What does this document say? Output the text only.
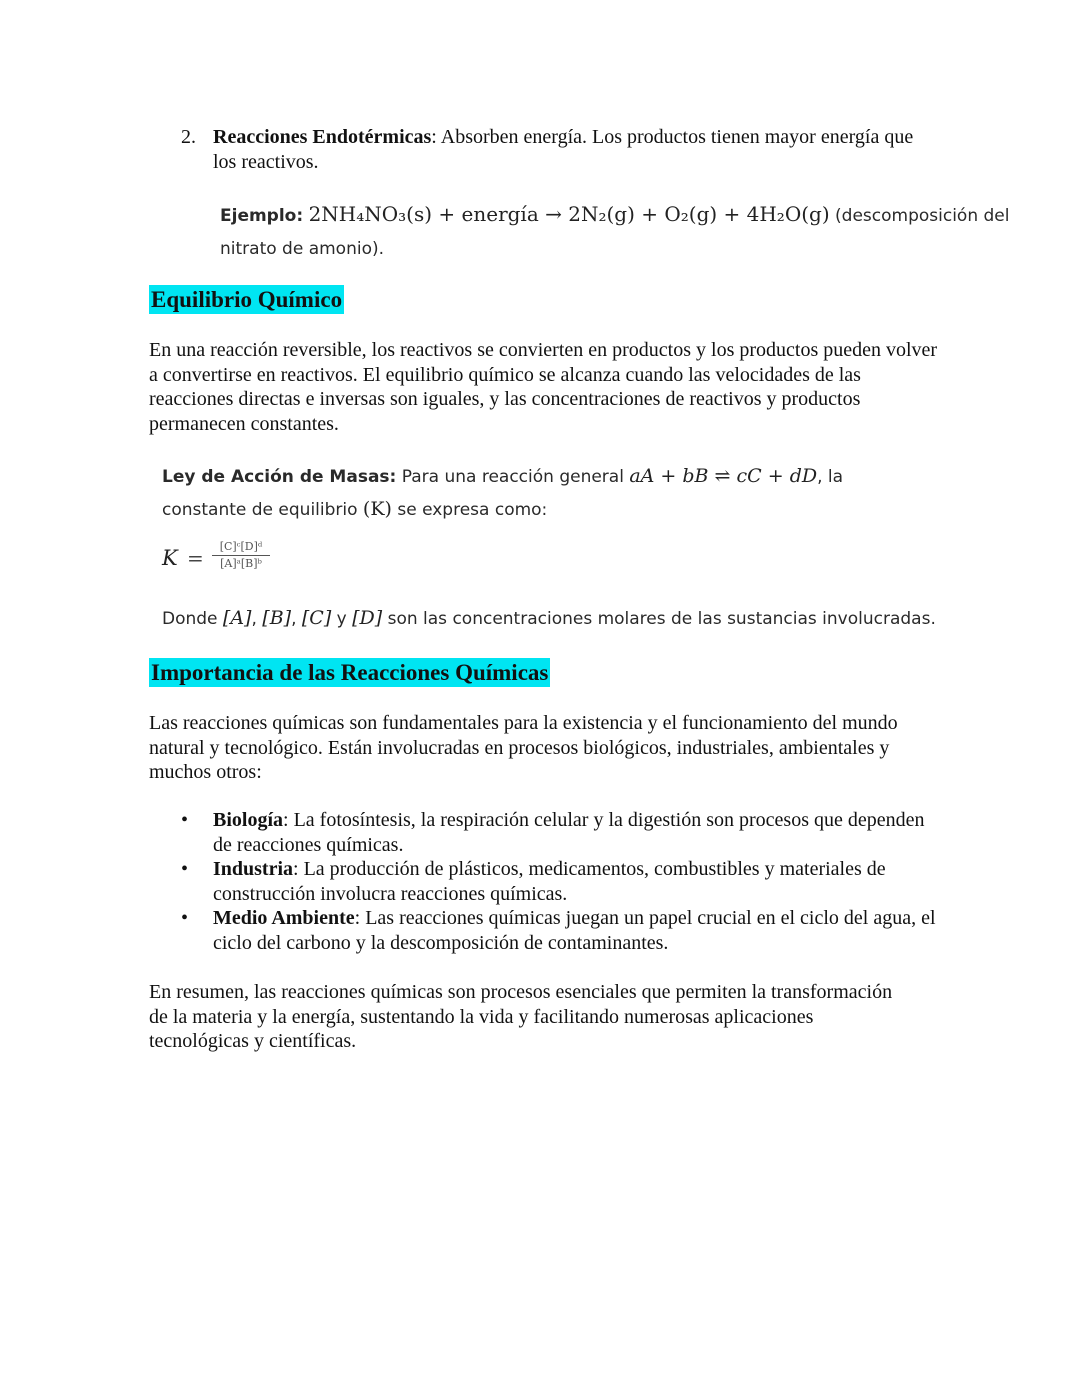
2. Reacciones Endotérmicas: Absorben energía. Los productos tienen mayor energía que los reactivos.
Ejemplo: 2NH₄NO₃(s) + energía → 2N₂(g) + O₂(g) + 4H₂O(g) (descomposición del nitrato de amonio).
Equilibrio Químico
En una reacción reversible, los reactivos se convierten en productos y los productos pueden volver a convertirse en reactivos. El equilibrio químico se alcanza cuando las velocidades de las reacciones directas e inversas son iguales, y las concentraciones de reactivos y productos permanecen constantes.
Ley de Acción de Masas: Para una reacción general aA + bB ⇌ cC + dD, la constante de equilibrio (K) se expresa como:
$K = \frac{\text{[C]ᶜ[D]ᵈ}}{\text{[A]ᵃ[B]ᵇ}}$
Donde [A], [B], [C] y [D] son las concentraciones molares de las sustancias involucradas.
Importancia de las Reacciones Químicas
Las reacciones químicas son fundamentales para la existencia y el funcionamiento del mundo natural y tecnológico. Están involucradas en procesos biológicos, industriales, ambientales y muchos otros:
•	Biología: La fotosíntesis, la respiración celular y la digestión son procesos que dependen de reacciones químicas.
•	Industria: La producción de plásticos, medicamentos, combustibles y materiales de construcción involucra reacciones químicas.
•	Medio Ambiente: Las reacciones químicas juegan un papel crucial en el ciclo del agua, el ciclo del carbono y la descomposición de contaminantes.
En resumen, las reacciones químicas son procesos esenciales que permiten la transformación de la materia y la energía, sustentando la vida y facilitando numerosas aplicaciones tecnológicas y científicas.
